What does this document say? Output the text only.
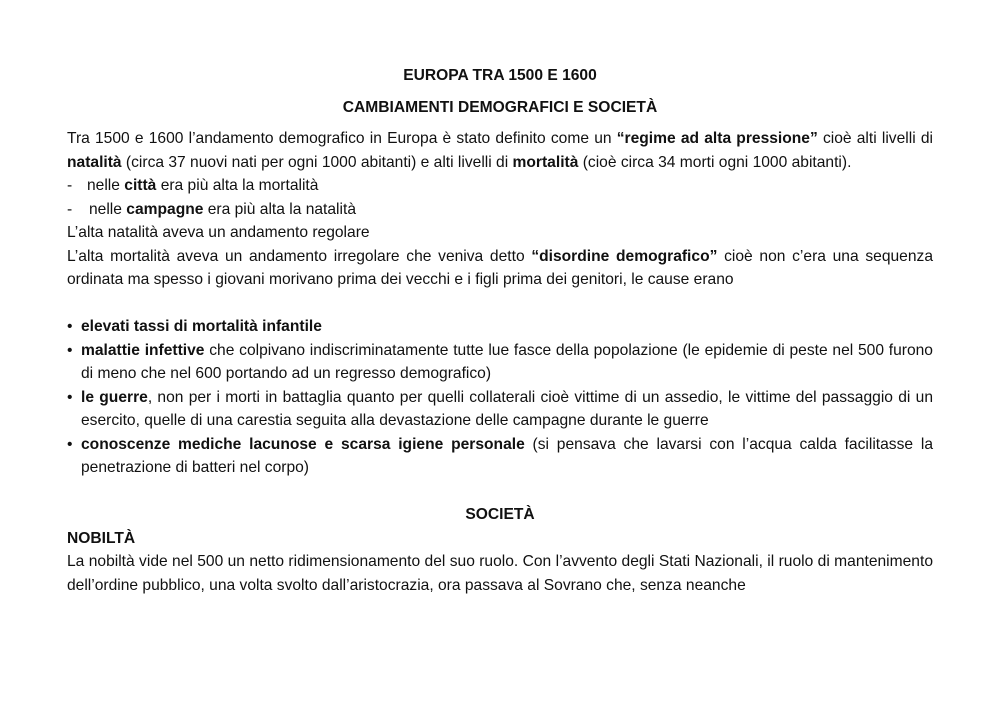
EUROPA TRA 1500 E 1600
CAMBIAMENTI DEMOGRAFICI E SOCIETÀ

Tra 1500 e 1600 l’andamento demografico in Europa è stato definito come un “regime ad alta pressione” cioè alti livelli di natalità (circa 37 nuovi nati per ogni 1000 abitanti) e alti livelli di mortalità (cioè circa 34 morti ogni 1000 abitanti).

- nelle città era più alta la mortalità
-	nelle campagne era più alta la natalità

L’alta natalità aveva un andamento regolare

L’alta mortalità aveva un andamento irregolare che veniva detto “disordine demografico” cioè non c’era una sequenza ordinata ma spesso i giovani morivano prima dei vecchi e i figli prima dei genitori, le cause erano

• elevati tassi di mortalità infantile
• malattie infettive che colpivano indiscriminatamente tutte lue fasce della popolazione (le epidemie di peste nel 500 furono di meno che nel 600 portando ad un regresso demografico)
• le guerre, non per i morti in battaglia quanto per quelli collaterali cioè vittime di un assedio, le vittime del passaggio di un esercito, quelle di una carestia seguita alla devastazione delle campagne durante le guerre
• conoscenze mediche lacunose e scarsa igiene personale (si pensava che lavarsi con l’acqua calda facilitasse la penetrazione di batteri nel corpo)
SOCIETÀ
NOBILTÀ

La nobiltà vide nel 500 un netto ridimensionamento del suo ruolo. Con l’avvento degli Stati Nazionali, il ruolo di mantenimento dell’ordine pubblico, una volta svolto dall’aristocrazia, ora passava al Sovrano che, senza neanche
